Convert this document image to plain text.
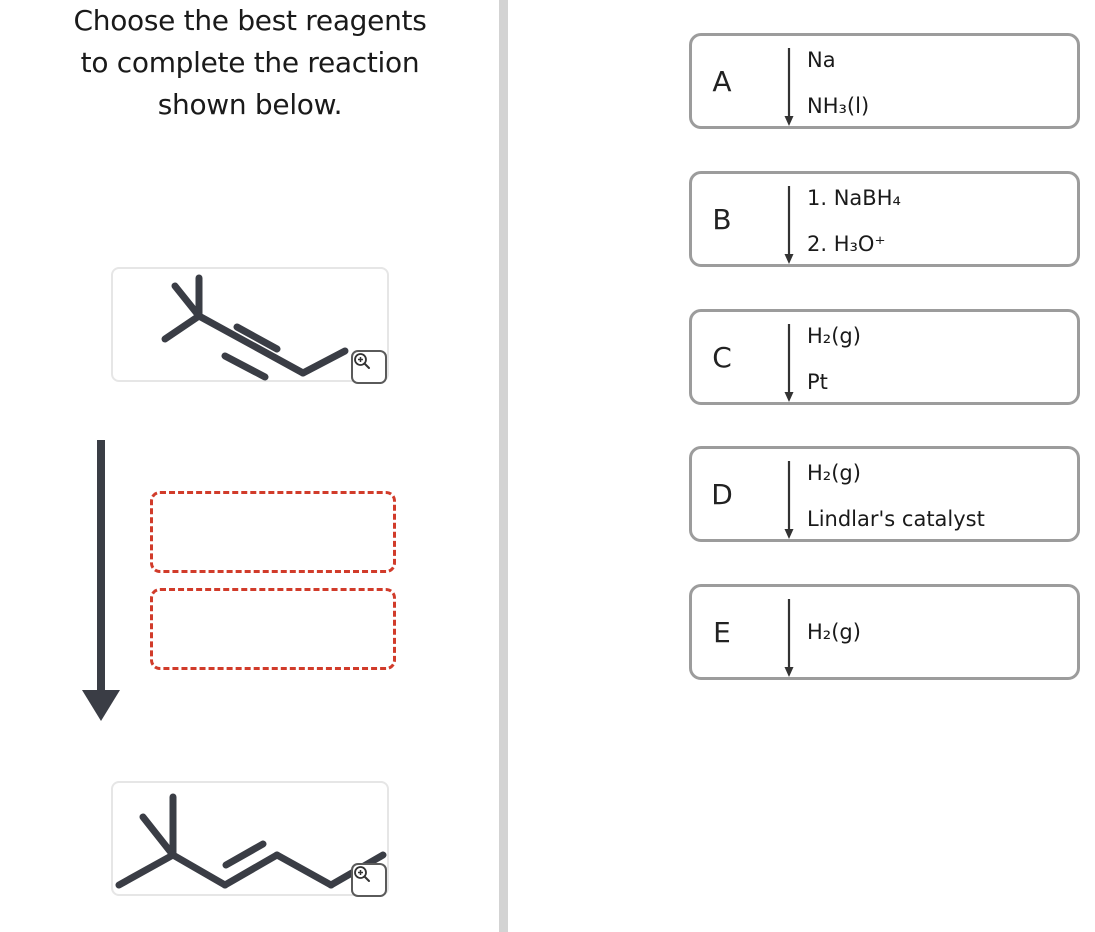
Choose the best reagents
to complete the reaction
shown below.
A
Na
NH₃(l)
B
1. NaBH₄
2. H₃O⁺
C
H₂(g)
Pt
D
H₂(g)
Lindlar's catalyst
E	H₂(g)
